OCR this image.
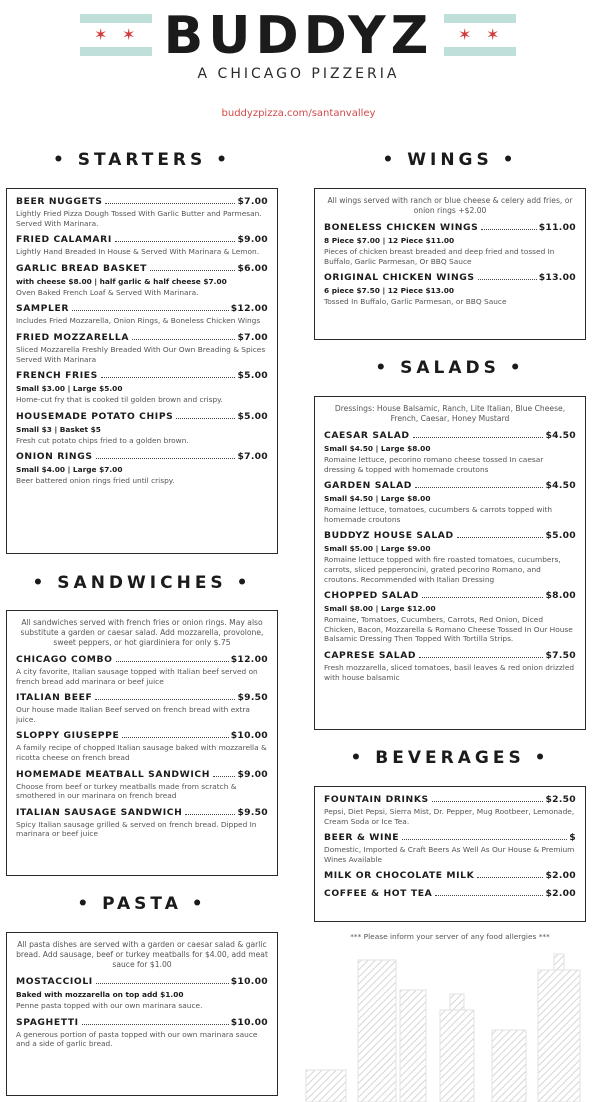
✶ ✶	✶ ✶
BUDDYZ
A CHICAGO PIZZERIA
buddyzpizza.com/santanvalley
• STARTERS •
BEER NUGGETS	$7.00
Lightly Fried Pizza Dough Tossed With Garlic Butter and Parmesan. Served With Marinara.
FRIED CALAMARI	$9.00
Lightly Hand Breaded In House & Served With Marinara & Lemon.
GARLIC BREAD BASKET	$6.00
with cheese $8.00 | half garlic & half cheese $7.00
Oven Baked French Loaf & Served With Marinara.
SAMPLER	$12.00
Includes Fried Mozzarella, Onion Rings, & Boneless Chicken Wings
FRIED MOZZARELLA	$7.00
Sliced Mozzarella Freshly Breaded With Our Own Breading & Spices Served With Marinara
FRENCH FRIES	$5.00
Small $3.00 | Large $5.00
Home-cut fry that is cooked til golden brown and crispy.
HOUSEMADE POTATO CHIPS	$5.00
Small $3 | Basket $5
Fresh cut potato chips fried to a golden brown.
ONION RINGS	$7.00
Small $4.00 | Large $7.00
Beer battered onion rings fried until crispy.
• SANDWICHES •
All sandwiches served with french fries or onion rings. May also substitute a garden or caesar salad. Add mozzarella, provolone, sweet peppers, or hot giardiniera for only $.75
CHICAGO COMBO	$12.00
A city favorite, Italian sausage topped with Italian beef served on french bread add marinara or beef juice
ITALIAN BEEF	$9.50
Our house made Italian Beef served on french bread with extra juice.
SLOPPY GIUSEPPE	$10.00
A family recipe of chopped Italian sausage baked with mozzarella & ricotta cheese on french bread
HOMEMADE MEATBALL SANDWICH	$9.00
Choose from beef or turkey meatballs made from scratch & smothered in our marinara on french bread
ITALIAN SAUSAGE SANDWICH	$9.50
Spicy Italian sausage grilled & served on french bread. Dipped In marinara or beef juice
• PASTA •
All pasta dishes are served with a garden or caesar salad & garlic bread. Add sausage, beef or turkey meatballs for $4.00, add meat sauce for $1.00
MOSTACCIOLI	$10.00
Baked with mozzarella on top add $1.00
Penne pasta topped with our own marinara sauce.
SPAGHETTI	$10.00
A generous portion of pasta topped with our own marinara sauce and a side of garlic bread.
• WINGS •
All wings served with ranch or blue cheese & celery add fries, or onion rings +$2.00
BONELESS CHICKEN WINGS	$11.00
8 Piece $7.00 | 12 Piece $11.00
Pieces of chicken breast breaded and deep fried and tossed In Buffalo, Garlic Parmesan, Or BBQ Sauce
ORIGINAL CHICKEN WINGS	$13.00
6 piece $7.50 | 12 Piece $13.00
Tossed In Buffalo, Garlic Parmesan, or BBQ Sauce
• SALADS •
Dressings: House Balsamic, Ranch, Lite Italian, Blue Cheese, French, Caesar, Honey Mustard
CAESAR SALAD	$4.50
Small $4.50 | Large $8.00
Romaine lettuce, pecorino romano cheese tossed In caesar dressing & topped with homemade croutons
GARDEN SALAD	$4.50
Small $4.50 | Large $8.00
Romaine lettuce, tomatoes, cucumbers & carrots topped with homemade croutons
BUDDYZ HOUSE SALAD	$5.00
Small $5.00 | Large $9.00
Romaine lettuce topped with fire roasted tomatoes, cucumbers, carrots, sliced pepperoncini, grated pecorino Romano, and croutons. Recommended with Italian Dressing
CHOPPED SALAD	$8.00
Small $8.00 | Large $12.00
Romaine, Tomatoes, Cucumbers, Carrots, Red Onion, Diced Chicken, Bacon, Mozzarella & Romano Cheese Tossed In Our House Balsamic Dressing Then Topped With Tortilla Strips.
CAPRESE SALAD	$7.50
Fresh mozzarella, sliced tomatoes, basil leaves & red onion drizzled with house balsamic
• BEVERAGES •
FOUNTAIN DRINKS	$2.50
Pepsi, Diet Pepsi, Sierra Mist, Dr. Pepper, Mug Rootbeer, Lemonade, Cream Soda or Ice Tea.
BEER & WINE	$
Domestic, Imported & Craft Beers As Well As Our House & Premium Wines Available
MILK OR CHOCOLATE MILK	$2.00
COFFEE & HOT TEA	$2.00
*** Please inform your server of any food allergies ***
